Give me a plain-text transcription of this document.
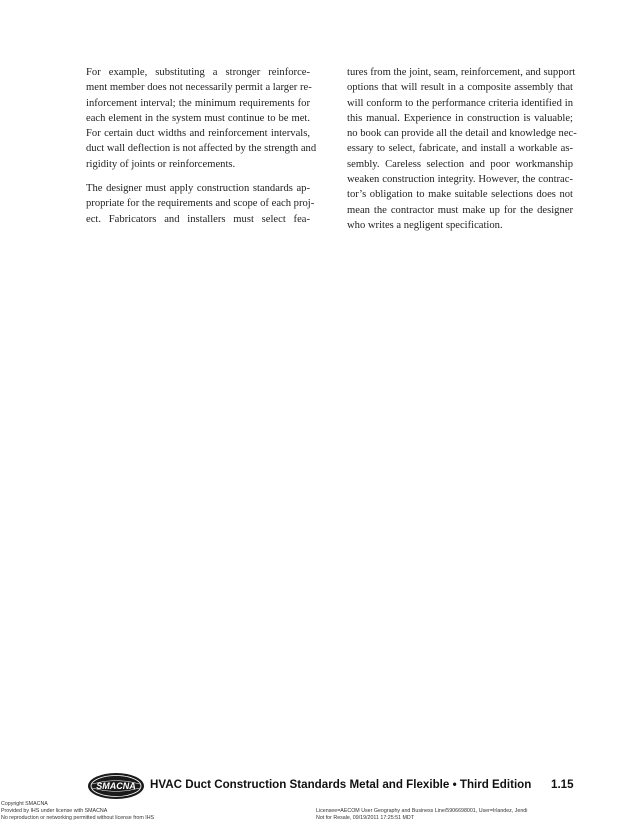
For example, substituting a stronger reinforce-
ment member does not necessarily permit a larger re-
inforcement interval; the minimum requirements for
each element in the system must continue to be met.
For certain duct widths and reinforcement intervals,
duct wall deflection is not affected by the strength and
rigidity of joints or reinforcements.
The designer must apply construction standards ap-
propriate for the requirements and scope of each proj-
ect. Fabricators and installers must select fea-
tures from the joint, seam, reinforcement, and support
options that will result in a composite assembly that
will conform to the performance criteria identified in
this manual. Experience in construction is valuable;
no book can provide all the detail and knowledge nec-
essary to select, fabricate, and install a workable as-
sembly. Careless selection and poor workmanship
weaken construction integrity. However, the contrac-
tor’s obligation to make suitable selections does not
mean the contractor must make up for the designer
who writes a negligent specification.
SMACNA HVAC Duct Construction Standards Metal and Flexible • Third Edition 1.15
Copyright SMACNA
Provided by IHS under license with SMACNA
No reproduction or networking permitted without license from IHS
Licensee=AECOM User Geography and Business Line/5906698001, User=Irlandez, Jendi
Not for Resale, 09/19/2011 17:25:51 MDT
